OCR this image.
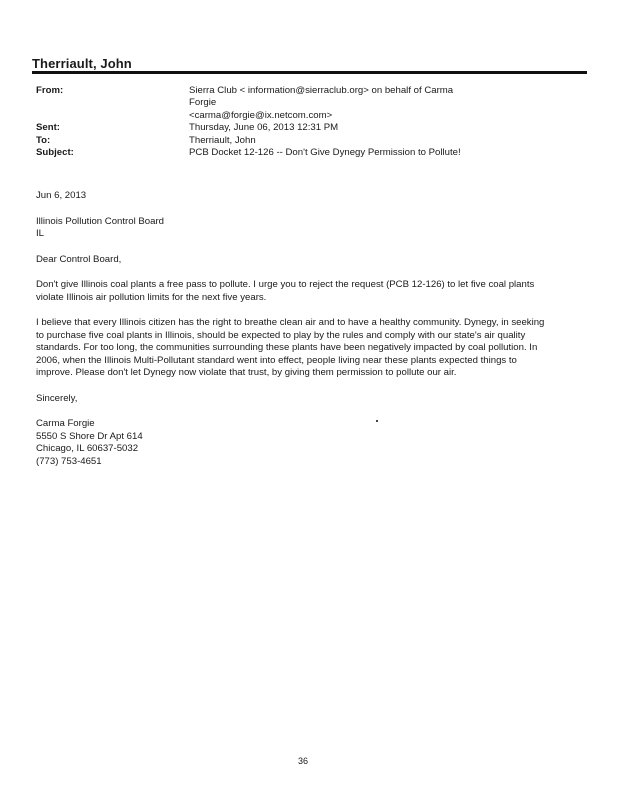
Therriault, John
From:	Sierra Club < information@sierraclub.org> on behalf of Carma Forgie
<carma@forgie@ix.netcom.com>
Sent:	Thursday, June 06, 2013 12:31 PM
To:	Therriault, John
Subject:	PCB Docket 12-126 -- Don't Give Dynegy Permission to Pollute!

Jun 6, 2013

Illinois Pollution Control Board

IL

Dear Control Board,

Don't give Illinois coal plants a free pass to pollute. I urge you to reject the request (PCB 12-126) to let five coal plants

violate Illinois air pollution limits for the next five years.

I believe that every Illinois citizen has the right to breathe clean air and to have a healthy community. Dynegy, in seeking

to purchase five coal plants in Illinois, should be expected to play by the rules and comply with our state's air quality

standards. For too long, the communities surrounding these plants have been negatively impacted by coal pollution. In

2006, when the Illinois Multi-Pollutant standard went into effect, people living near these plants expected things to

improve. Please don't let Dynegy now violate that trust, by giving them permission to pollute our air.

Sincerely,

Carma Forgie

5550 S Shore Dr Apt 614

Chicago, IL 60637-5032

(773) 753-4651

36
